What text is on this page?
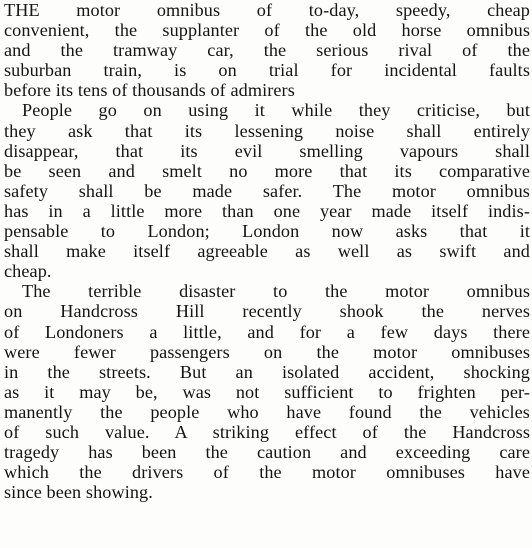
THE motor omnibus of to-day, speedy, cheap
convenient, the supplanter of the old horse omnibus
and the tramway car, the serious rival of the
suburban train, is on trial for incidental faults
before its tens of thousands of admirers

People go on using it while they criticise, but
they ask that its lessening noise shall entirely
disappear, that its evil smelling vapours shall
be seen and smelt no more that its comparative
safety shall be made safer. The motor omnibus
has in a little more than one year made itself indis-
pensable to London; London now asks that it
shall make itself agreeable as well as swift and
cheap.

The terrible disaster to the motor omnibus
on Handcross Hill recently shook the nerves
of Londoners a little, and for a few days there
were fewer passengers on the motor omnibuses
in the streets. But an isolated accident, shocking
as it may be, was not sufficient to frighten per-
manently the people who have found the vehicles
of such value. A striking effect of the Handcross
tragedy has been the caution and exceeding care
which the drivers of the motor omnibuses have
since been showing.
